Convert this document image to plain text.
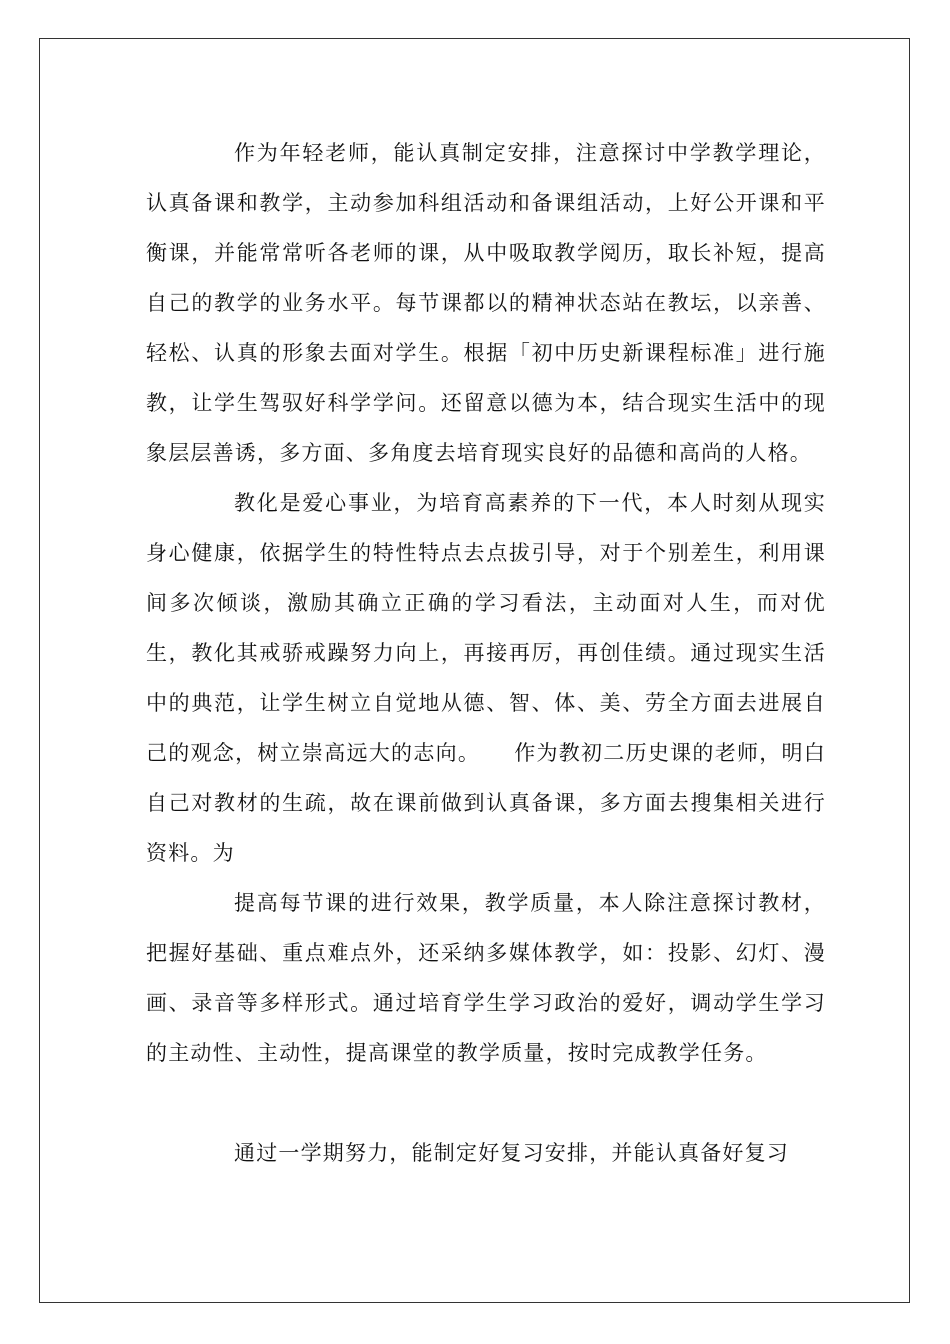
作为年轻老师，能认真制定安排，注意探讨中学教学理论，认真备课和教学，主动参加科组活动和备课组活动，上好公开课和平衡课，并能常常听各老师的课，从中吸取教学阅历，取长补短，提高自己的教学的业务水平。每节课都以的精神状态站在教坛，以亲善、轻松、认真的形象去面对学生。根据「初中历史新课程标准」进行施教，让学生驾驭好科学学问。还留意以德为本，结合现实生活中的现象层层善诱，多方面、多角度去培育现实良好的品德和高尚的人格。

教化是爱心事业，为培育高素养的下一代，本人时刻从现实身心健康，依据学生的特性特点去点拔引导，对于个别差生，利用课间多次倾谈，激励其确立正确的学习看法，主动面对人生，而对优生，教化其戒骄戒躁努力向上，再接再厉，再创佳绩。通过现实生活中的典范，让学生树立自觉地从德、智、体、美、劳全方面去进展自己的观念，树立崇高远大的志向。　　作为教初二历史课的老师，明白自己对教材的生疏，故在课前做到认真备课，多方面去搜集相关进行资料。为

提高每节课的进行效果，教学质量，本人除注意探讨教材，把握好基础、重点难点外，还采纳多媒体教学，如：投影、幻灯、漫画、录音等多样形式。通过培育学生学习政治的爱好，调动学生学习的主动性、主动性，提高课堂的教学质量，按时完成教学任务。

通过一学期努力，能制定好复习安排，并能认真备好复习
